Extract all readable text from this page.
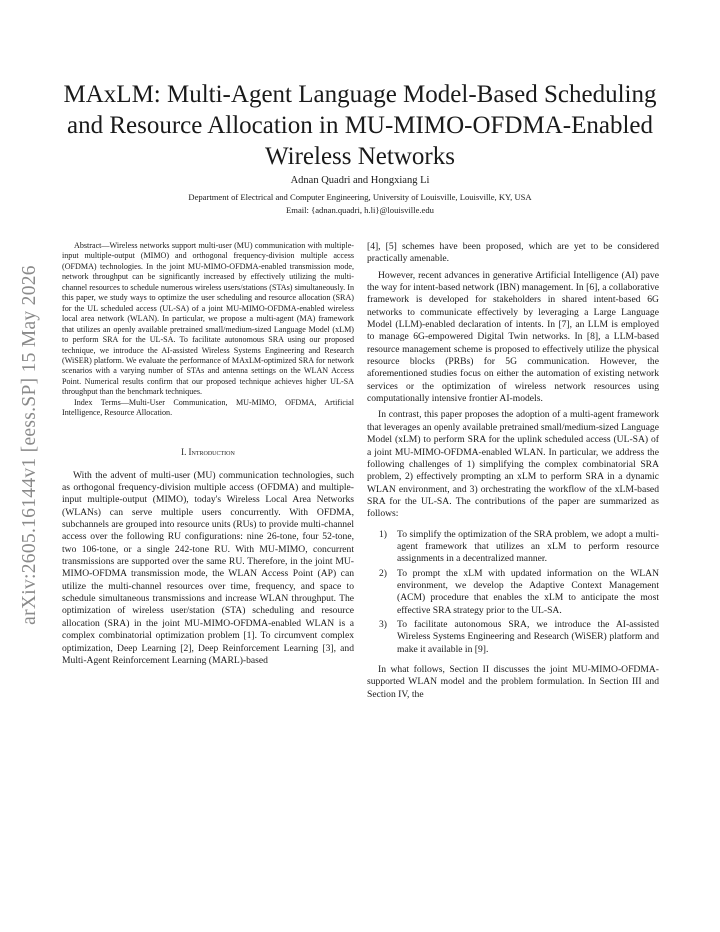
MAxLM: Multi-Agent Language Model-Based Scheduling and Resource Allocation in MU-MIMO-OFDMA-Enabled Wireless Networks
Adnan Quadri and Hongxiang Li
Department of Electrical and Computer Engineering, University of Louisville, Louisville, KY, USA
Email: {adnan.quadri, h.li}@louisville.edu
arXiv:2605.16144v1 [eess.SP] 15 May 2026

Abstract—Wireless networks support multi-user (MU) communication with multiple-input multiple-output (MIMO) and orthogonal frequency-division multiple access (OFDMA) technologies. In the joint MU-MIMO-OFDMA-enabled transmission mode, network throughput can be significantly increased by effectively utilizing the multi-channel resources to schedule numerous wireless users/stations (STAs) simultaneously. In this paper, we study ways to optimize the user scheduling and resource allocation (SRA) for the UL scheduled access (UL-SA) of a joint MU-MIMO-OFDMA-enabled wireless local area network (WLAN). In particular, we propose a multi-agent (MA) framework that utilizes an openly available pretrained small/medium-sized Language Model (xLM) to perform SRA for the UL-SA. To facilitate autonomous SRA using our proposed technique, we introduce the AI-assisted Wireless Systems Engineering and Research (WiSER) platform. We evaluate the performance of MAxLM-optimized SRA for network scenarios with a varying number of STAs and antenna settings on the WLAN Access Point. Numerical results confirm that our proposed technique achieves higher UL-SA throughput than the benchmark techniques.

Index Terms—Multi-User Communication, MU-MIMO, OFDMA, Artificial Intelligence, Resource Allocation.

I. Introduction

With the advent of multi-user (MU) communication technologies, such as orthogonal frequency-division multiple access (OFDMA) and multiple-input multiple-output (MIMO), today's Wireless Local Area Networks (WLANs) can serve multiple users concurrently. With OFDMA, subchannels are grouped into resource units (RUs) to provide multi-channel access over the following RU configurations: nine 26-tone, four 52-tone, two 106-tone, or a single 242-tone RU. With MU-MIMO, concurrent transmissions are supported over the same RU. Therefore, in the joint MU-MIMO-OFDMA transmission mode, the WLAN Access Point (AP) can utilize the multi-channel resources over time, frequency, and space to schedule simultaneous transmissions and increase WLAN throughput. The optimization of wireless user/station (STA) scheduling and resource allocation (SRA) in the joint MU-MIMO-OFDMA-enabled WLAN is a complex combinatorial optimization problem [1]. To circumvent complex optimization, Deep Learning [2], Deep Reinforcement Learning [3], and Multi-Agent Reinforcement Learning (MARL)-based

[4], [5] schemes have been proposed, which are yet to be considered practically amenable.

However, recent advances in generative Artificial Intelligence (AI) pave the way for intent-based network (IBN) management. In [6], a collaborative framework is developed for stakeholders in shared intent-based 6G networks to communicate effectively by leveraging a Large Language Model (LLM)-enabled declaration of intents. In [7], an LLM is employed to manage 6G-empowered Digital Twin networks. In [8], a LLM-based resource management scheme is proposed to effectively utilize the physical resource blocks (PRBs) for 5G communication. However, the aforementioned studies focus on either the automation of existing network services or the optimization of wireless network resources using computationally intensive frontier AI-models.

In contrast, this paper proposes the adoption of a multi-agent framework that leverages an openly available pretrained small/medium-sized Language Model (xLM) to perform SRA for the uplink scheduled access (UL-SA) of a joint MU-MIMO-OFDMA-enabled WLAN. In particular, we address the following challenges of 1) simplifying the complex combinatorial SRA problem, 2) effectively prompting an xLM to perform SRA in a dynamic WLAN environment, and 3) orchestrating the workflow of the xLM-based SRA for the UL-SA. The contributions of the paper are summarized as follows:

1) To simplify the optimization of the SRA problem, we adopt a multi-agent framework that utilizes an xLM to perform resource assignments in a decentralized manner.
2) To prompt the xLM with updated information on the WLAN environment, we develop the Adaptive Context Management (ACM) procedure that enables the xLM to anticipate the most effective SRA strategy prior to the UL-SA.
3) To facilitate autonomous SRA, we introduce the AI-assisted Wireless Systems Engineering and Research (WiSER) platform and make it available in [9].

In what follows, Section II discusses the joint MU-MIMO-OFDMA-supported WLAN model and the problem formulation. In Section III and Section IV, the
